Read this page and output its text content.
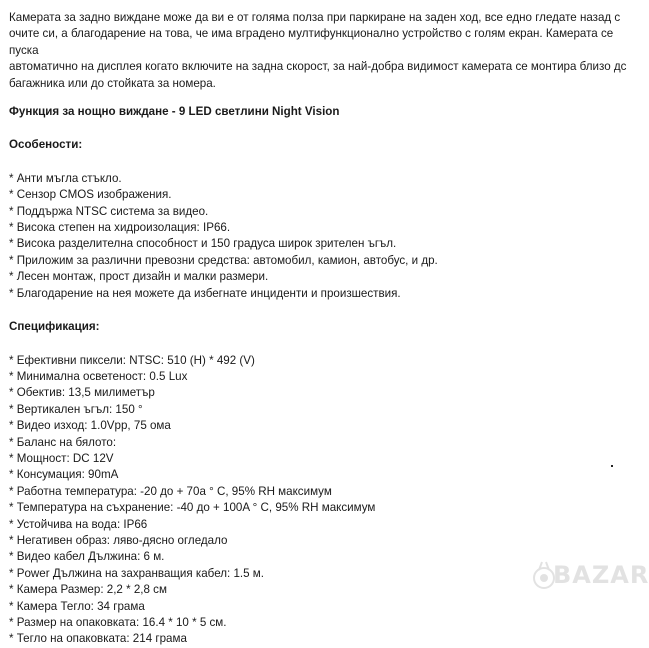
Камерата за задно виждане може да ви е от голяма полза при паркиране на заден ход, все едно гледате назад с

очите си, а благодарение на това, че има вградено мултифункционално устройство с голям екран. Камерата се пуска

автоматично на дисплея когато включите на задна скорост, за най-добра видимост камерата се монтира близо дс

багажника или до стойката за номера.

Функция за нощно виждане - 9 LED светлини Night Vision

Особености:

* Анти мъгла стъкло.
* Сензор CMOS изображения.
* Поддържа NTSC система за видео.
* Висока степен на хидроизолация: IP66.
* Висока разделителна способност и 150 градуса широк зрителен ъгъл.
* Приложим за различни превозни средства: автомобил, камион, автобус, и др.
* Лесен монтаж, прост дизайн и малки размери.
* Благодарение на нея можете да избегнате инциденти и произшествия.

Спецификация:

* Ефективни пиксели: NTSC: 510 (H) * 492 (V)
* Минимална осветеност: 0.5 Lux
* Обектив: 13,5 милиметър
* Вертикален ъгъл: 150 °
* Видео изход: 1.0Vpp, 75 ома
* Баланс на бялото:
* Мощност: DC 12V
* Консумация: 90mA
* Работна температура: -20 до + 70a ° C, 95% RH максимум
* Температура на съхранение: -40 до + 100A ° C, 95% RH максимум
* Устойчива на вода: IP66
* Негативен образ: ляво-дясно огледало
* Видео кабел Дължина: 6 м.
* Power Дължина на захранващия кабел: 1.5 м.
* Камера Размер: 2,2 * 2,8 см
* Камера Тегло: 34 грама
* Размер на опаковката: 16.4 * 10 * 5 см.
* Тегло на опаковката: 214 грама
BAZAR
